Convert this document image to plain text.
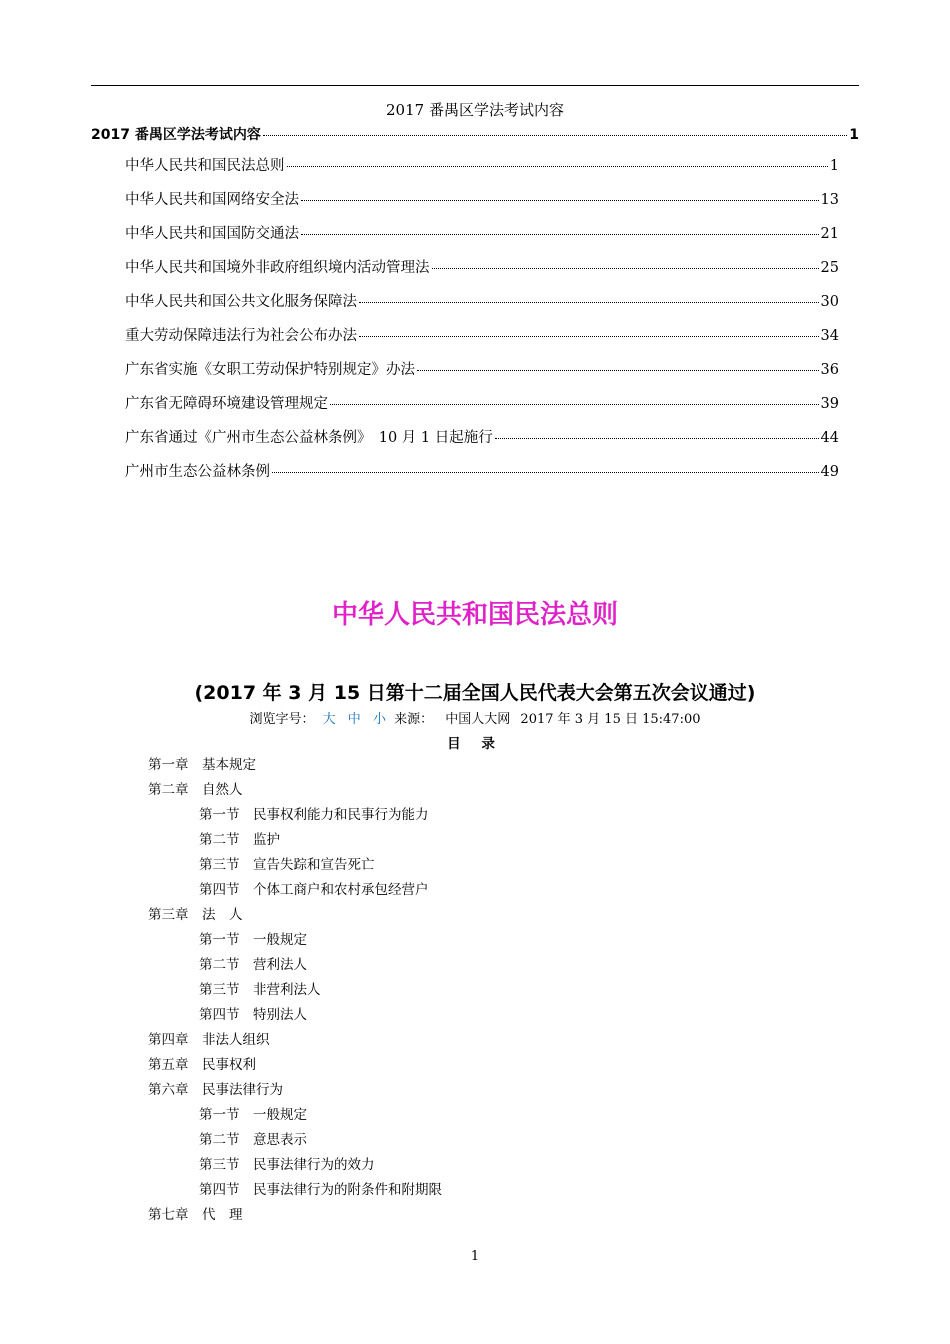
2017 番禺区学法考试内容
2017 番禺区学法考试内容	1
中华人民共和国民法总则	1
中华人民共和国网络安全法	13
中华人民共和国国防交通法	21
中华人民共和国境外非政府组织境内活动管理法	25
中华人民共和国公共文化服务保障法	30
重大劳动保障违法行为社会公布办法	34
广东省实施《女职工劳动保护特别规定》办法	36
广东省无障碍环境建设管理规定	39
广东省通过《广州市生态公益林条例》　10 月 1 日起施行	44
广州市生态公益林条例	49
中华人民共和国民法总则
(2017 年 3 月 15 日第十二届全国人民代表大会第五次会议通过)
浏览字号： 大 中 小 来源： 中国人大网 2017 年 3 月 15 日 15:47:00
目 录
第一章　基本规定
第二章　自然人
第一节　民事权利能力和民事行为能力
第二节　监护
第三节　宣告失踪和宣告死亡
第四节　个体工商户和农村承包经营户
第三章　法　人
第一节　一般规定
第二节　营利法人
第三节　非营利法人
第四节　特别法人
第四章　非法人组织
第五章　民事权利
第六章　民事法律行为
第一节　一般规定
第二节　意思表示
第三节　民事法律行为的效力
第四节　民事法律行为的附条件和附期限
第七章　代　理
1
